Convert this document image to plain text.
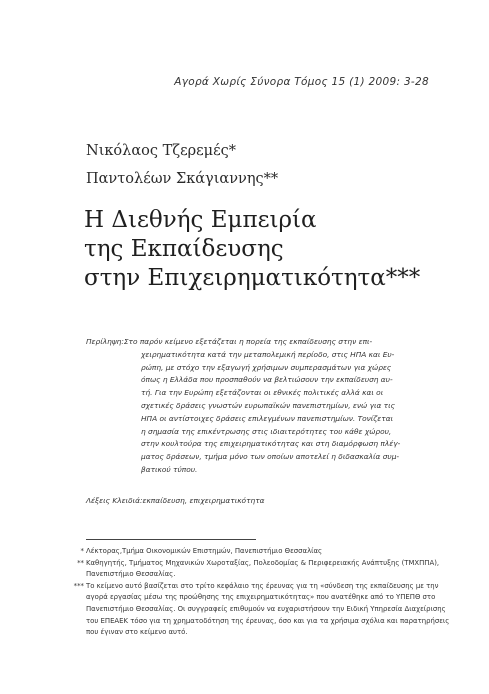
Αγορά Χωρίς Σύνορα Τόμος 15 (1) 2009: 3-28
Νικόλαος Τζερεμές*
Παντολέων Σκάγιαννης**
Η Διεθνής Εμπειρία
της Εκπαίδευσης
στην Επιχειρηματικότητα***
Περίληψη:Στο παρόν κείμενο εξετάζεται η πορεία της εκπαίδευσης στην επι-
χειρηματικότητα κατά την μεταπολεμική περίοδο, στις ΗΠΑ και Ευ-
ρώπη, με στόχο την εξαγωγή χρήσιμων συμπερασμάτων για χώρες
όπως η Ελλάδα που προσπαθούν να βελτιώσουν την εκπαίδευση αυ-
τή. Για την Ευρώπη εξετάζονται οι εθνικές πολιτικές αλλά και οι
σχετικές δράσεις γνωστών ευρωπαϊκών πανεπιστημίων, ενώ για τις
ΗΠΑ οι αντίστοιχες δράσεις επιλεγμένων πανεπιστημίων. Τονίζεται
η σημασία της επικέντρωσης στις ιδιαιτερότητες του κάθε χώρου,
στην κουλτούρα της επιχειρηματικότητας και στη διαμόρφωση πλέγ-
ματος δράσεων, τμήμα μόνο των οποίων αποτελεί η διδασκαλία συμ-
βατικού τύπου.
Λέξεις Κλειδιά:εκπαίδευση, επιχειρηματικότητα
* Λέκτορας,Τμήμα Οικονομικών Επιστημών, Πανεπιστήμιο Θεσσαλίας
** Καθηγητής, Τμήματος Μηχανικών Χωροταξίας, Πολεοδομίας & Περιφερειακής Ανάπτυξης (ΤΜΧΠΠΑ),
Πανεπιστήμιο Θεσσαλίας.
*** Το κείμενο αυτό βασίζεται στο τρίτο κεφάλαιο της έρευνας για τη «σύνδεση της εκπαίδευσης με την
αγορά εργασίας μέσω της προώθησης της επιχειρηματικότητας» που ανατέθηκε από το ΥΠΕΠΘ στο
Πανεπιστήμιο Θεσσαλίας. Οι συγγραφείς επιθυμούν να ευχαριστήσουν την Ειδική Υπηρεσία Διαχείρισης
του ΕΠΕΑΕΚ τόσο για τη χρηματοδότηση της έρευνας, όσο και για τα χρήσιμα σχόλια και παρατηρήσεις
που έγιναν στο κείμενο αυτό.
